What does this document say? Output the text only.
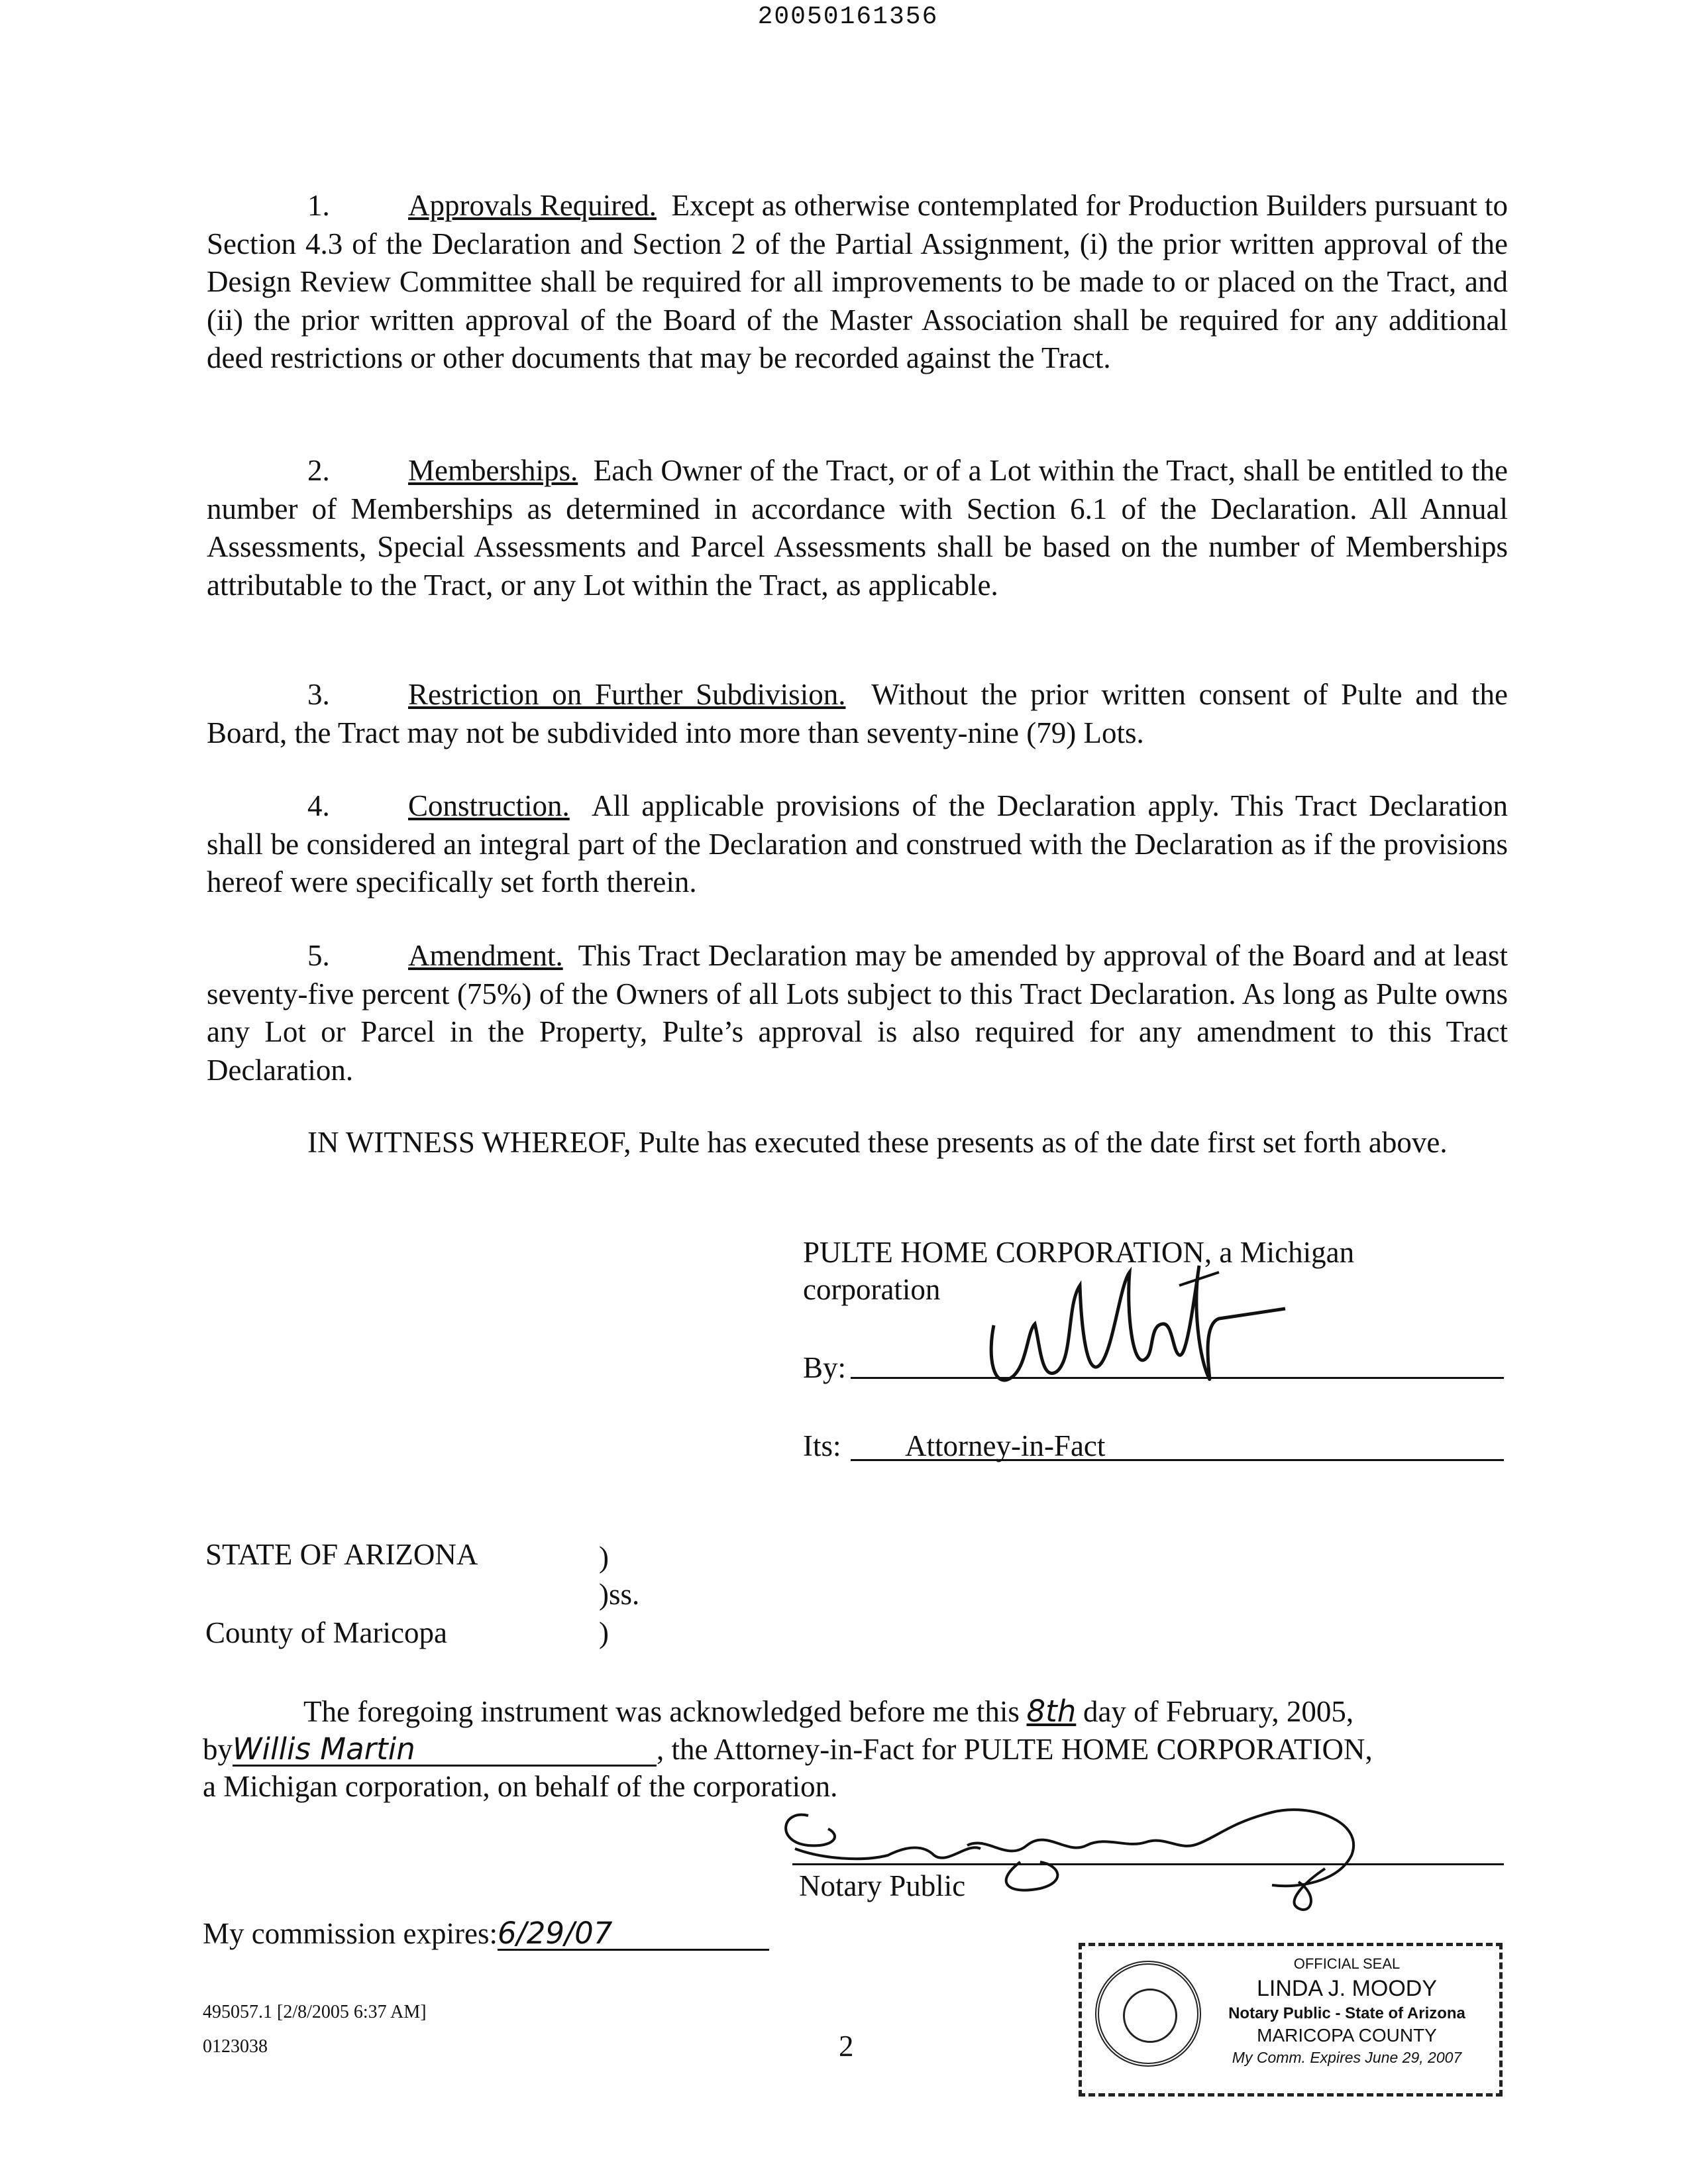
20050161356
1.	Approvals Required. Except as otherwise contemplated for Production Builders pursuant to Section 4.3 of the Declaration and Section 2 of the Partial Assignment, (i) the prior written approval of the Design Review Committee shall be required for all improvements to be made to or placed on the Tract, and (ii) the prior written approval of the Board of the Master Association shall be required for any additional deed restrictions or other documents that may be recorded against the Tract.
2.	Memberships. Each Owner of the Tract, or of a Lot within the Tract, shall be entitled to the number of Memberships as determined in accordance with Section 6.1 of the Declaration. All Annual Assessments, Special Assessments and Parcel Assessments shall be based on the number of Memberships attributable to the Tract, or any Lot within the Tract, as applicable.
3.	Restriction on Further Subdivision. Without the prior written consent of Pulte and the Board, the Tract may not be subdivided into more than seventy-nine (79) Lots.
4.	Construction. All applicable provisions of the Declaration apply. This Tract Declaration shall be considered an integral part of the Declaration and construed with the Declaration as if the provisions hereof were specifically set forth therein.
5.	Amendment. This Tract Declaration may be amended by approval of the Board and at least seventy-five percent (75%) of the Owners of all Lots subject to this Tract Declaration. As long as Pulte owns any Lot or Parcel in the Property, Pulte’s approval is also required for any amendment to this Tract Declaration.
IN WITNESS WHEREOF, Pulte has executed these presents as of the date first set forth above.
PULTE HOME CORPORATION, a Michigan
corporation
By:
Its: Attorney-in-Fact
STATE OF ARIZONA	)
)ss.
County of Maricopa	)
The foregoing instrument was acknowledged before me this 8th day of February, 2005,
byWillis Martin	, the Attorney-in-Fact for PULTE HOME CORPORATION,
a Michigan corporation, on behalf of the corporation.
Notary Public
My commission expires:6/29/07
495057.1 [2/8/2005 6:37 AM]
0123038	2
OFFICIAL SEAL
LINDA J. MOODY
Notary Public - State of Arizona
MARICOPA COUNTY
My Comm. Expires June 29, 2007
